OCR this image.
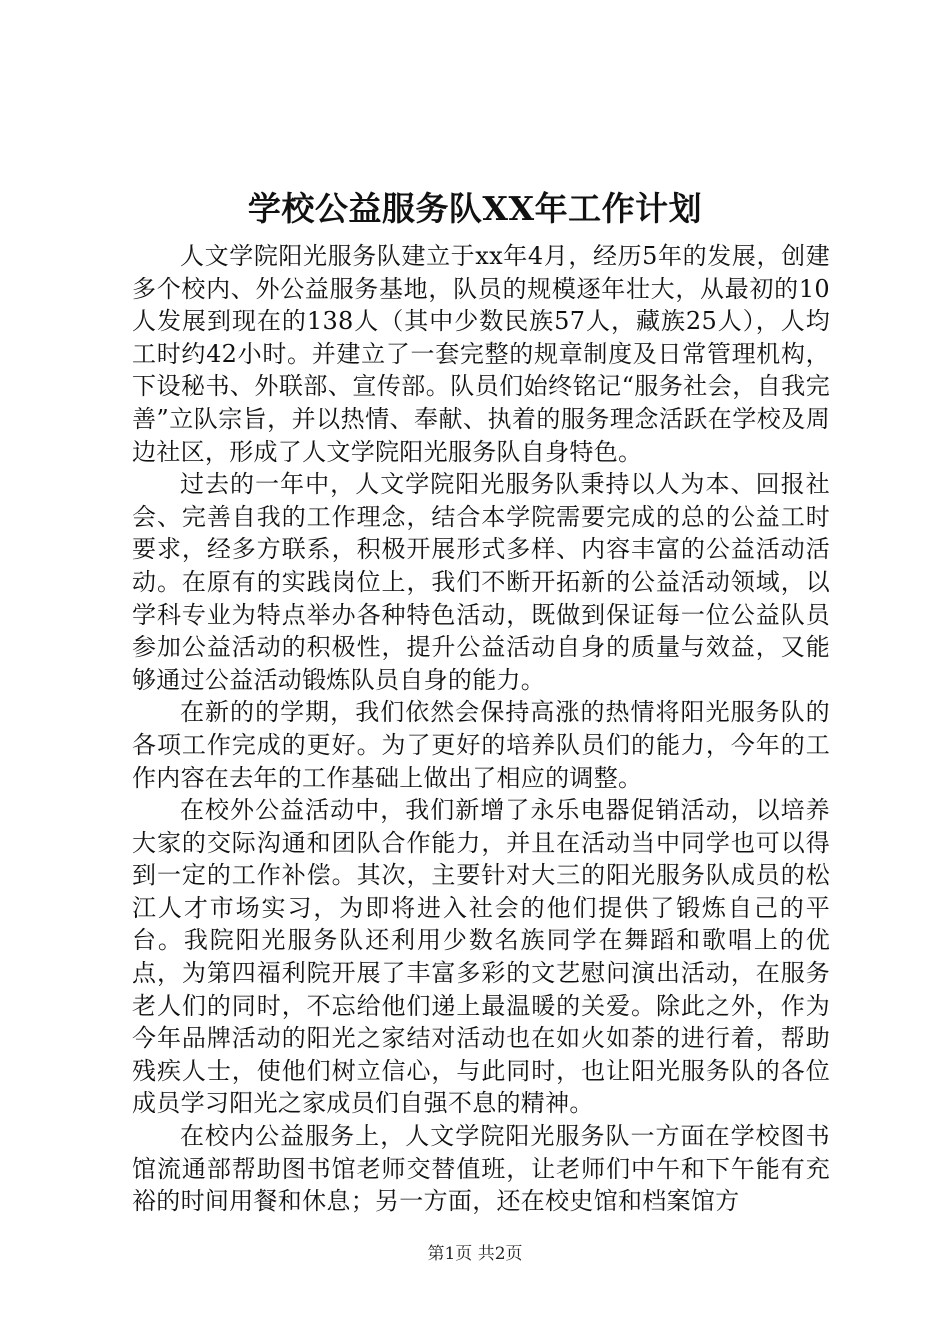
学校公益服务队XX年工作计划

人文学院阳光服务队建立于xx年4月，经历5年的发展，创建多个校内、外公益服务基地，队员的规模逐年壮大，从最初的10人发展到现在的138人（其中少数民族57人，藏族25人），人均工时约42小时。并建立了一套完整的规章制度及日常管理机构，下设秘书、外联部、宣传部。队员们始终铭记“服务社会，自我完善”立队宗旨，并以热情、奉献、执着的服务理念活跃在学校及周边社区，形成了人文学院阳光服务队自身特色。

过去的一年中，人文学院阳光服务队秉持以人为本、回报社会、完善自我的工作理念，结合本学院需要完成的总的公益工时要求，经多方联系，积极开展形式多样、内容丰富的公益活动活动。在原有的实践岗位上，我们不断开拓新的公益活动领域，以学科专业为特点举办各种特色活动，既做到保证每一位公益队员参加公益活动的积极性，提升公益活动自身的质量与效益，又能够通过公益活动锻炼队员自身的能力。

在新的的学期，我们依然会保持高涨的热情将阳光服务队的各项工作完成的更好。为了更好的培养队员们的能力，今年的工作内容在去年的工作基础上做出了相应的调整。

在校外公益活动中，我们新增了永乐电器促销活动，以培养大家的交际沟通和团队合作能力，并且在活动当中同学也可以得到一定的工作补偿。其次，主要针对大三的阳光服务队成员的松江人才市场实习，为即将进入社会的他们提供了锻炼自己的平台。我院阳光服务队还利用少数名族同学在舞蹈和歌唱上的优点，为第四福利院开展了丰富多彩的文艺慰问演出活动，在服务老人们的同时，不忘给他们递上最温暖的关爱。除此之外，作为今年品牌活动的阳光之家结对活动也在如火如荼的进行着，帮助残疾人士，使他们树立信心，与此同时，也让阳光服务队的各位成员学习阳光之家成员们自强不息的精神。

在校内公益服务上，人文学院阳光服务队一方面在学校图书馆流通部帮助图书馆老师交替值班，让老师们中午和下午能有充裕的时间用餐和休息；另一方面，还在校史馆和档案馆方

第1页 共2页
